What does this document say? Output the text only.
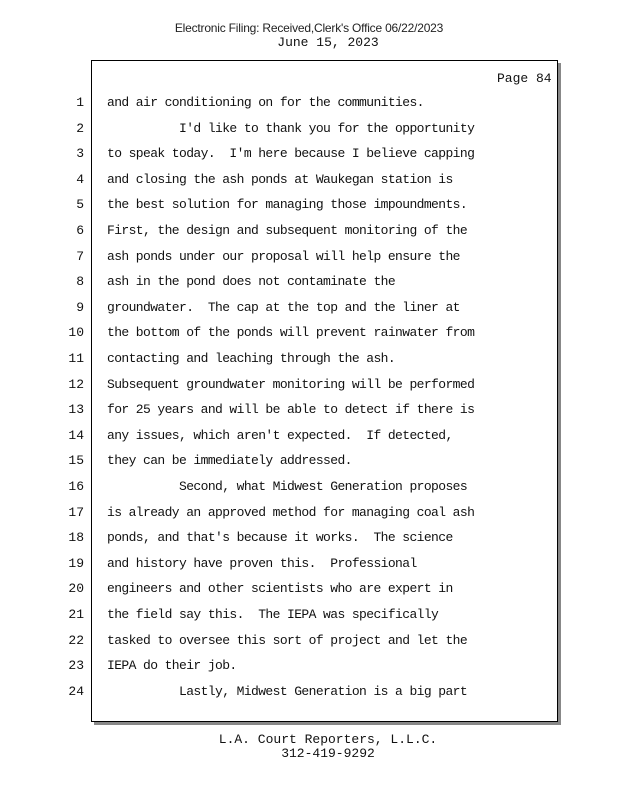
Electronic Filing: Received,Clerk's Office 06/22/2023
June 15, 2023
Page 84
1 and air conditioning on for the communities.
2 I'd like to thank you for the opportunity
3 to speak today.  I'm here because I believe capping
4 and closing the ash ponds at Waukegan station is
5 the best solution for managing those impoundments.
6 First, the design and subsequent monitoring of the
7 ash ponds under our proposal will help ensure the
8 ash in the pond does not contaminate the
9 groundwater.  The cap at the top and the liner at
10 the bottom of the ponds will prevent rainwater from
11 contacting and leaching through the ash.
12 Subsequent groundwater monitoring will be performed
13 for 25 years and will be able to detect if there is
14 any issues, which aren't expected.  If detected,
15 they can be immediately addressed.
16 Second, what Midwest Generation proposes
17 is already an approved method for managing coal ash
18 ponds, and that's because it works.  The science
19 and history have proven this.  Professional
20 engineers and other scientists who are expert in
21 the field say this.  The IEPA was specifically
22 tasked to oversee this sort of project and let the
23 IEPA do their job.
24 Lastly, Midwest Generation is a big part
L.A. Court Reporters, L.L.C.
312-419-9292
